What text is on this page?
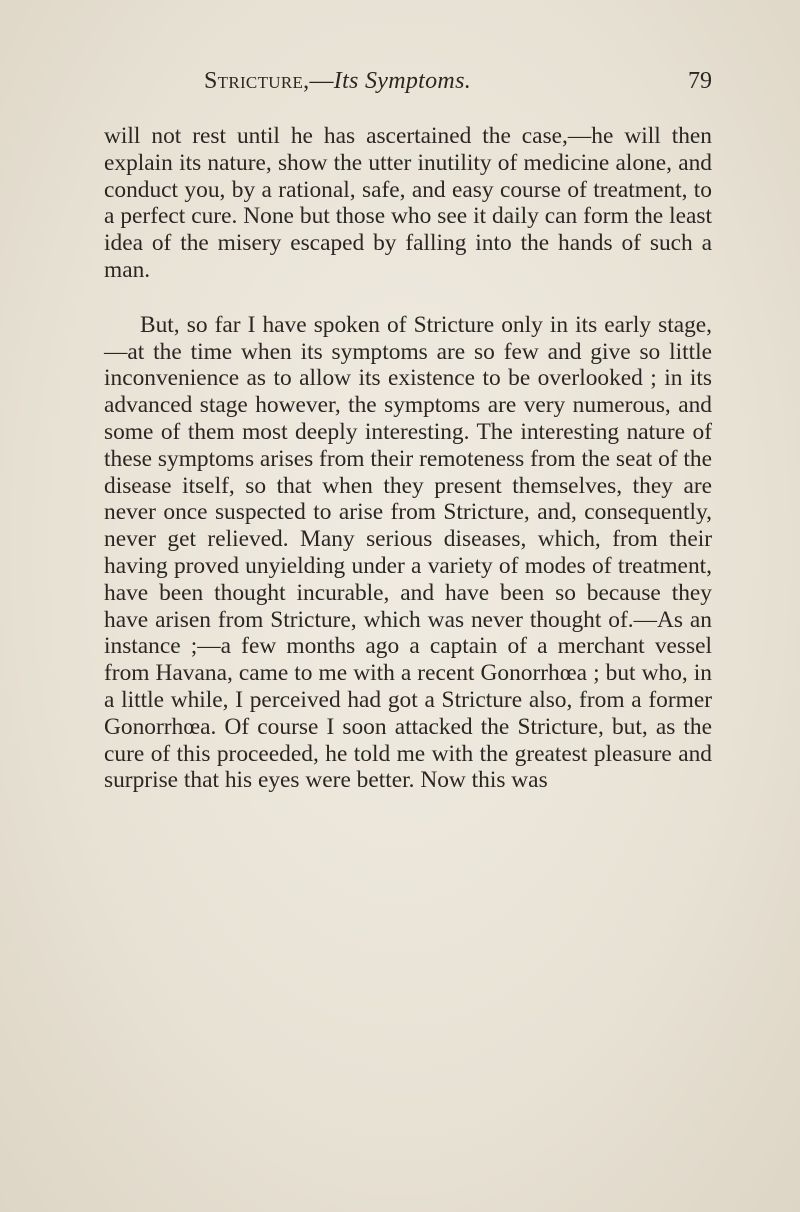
Stricture,—Its Symptoms.	79

will not rest until he has ascertained the case,—he will then explain its nature, show the utter inutility of medicine alone, and conduct you, by a rational, safe, and easy course of treatment, to a perfect cure. None but those who see it daily can form the least idea of the misery escaped by falling into the hands of such a man.

But, so far I have spoken of Stricture only in its early stage,—at the time when its symptoms are so few and give so little inconvenience as to allow its existence to be overlooked ; in its advanced stage however, the symptoms are very numerous, and some of them most deeply interesting. The interesting nature of these symptoms arises from their remoteness from the seat of the disease itself, so that when they present themselves, they are never once suspected to arise from Stricture, and, consequently, never get relieved. Many serious diseases, which, from their having proved unyielding under a variety of modes of treatment, have been thought incurable, and have been so because they have arisen from Stricture, which was never thought of.—As an instance ;—a few months ago a captain of a merchant vessel from Havana, came to me with a recent Gonorrhœa ; but who, in a little while, I perceived had got a Stricture also, from a former Gonorrhœa. Of course I soon attacked the Stricture, but, as the cure of this proceeded, he told me with the greatest pleasure and surprise that his eyes were better. Now this was
